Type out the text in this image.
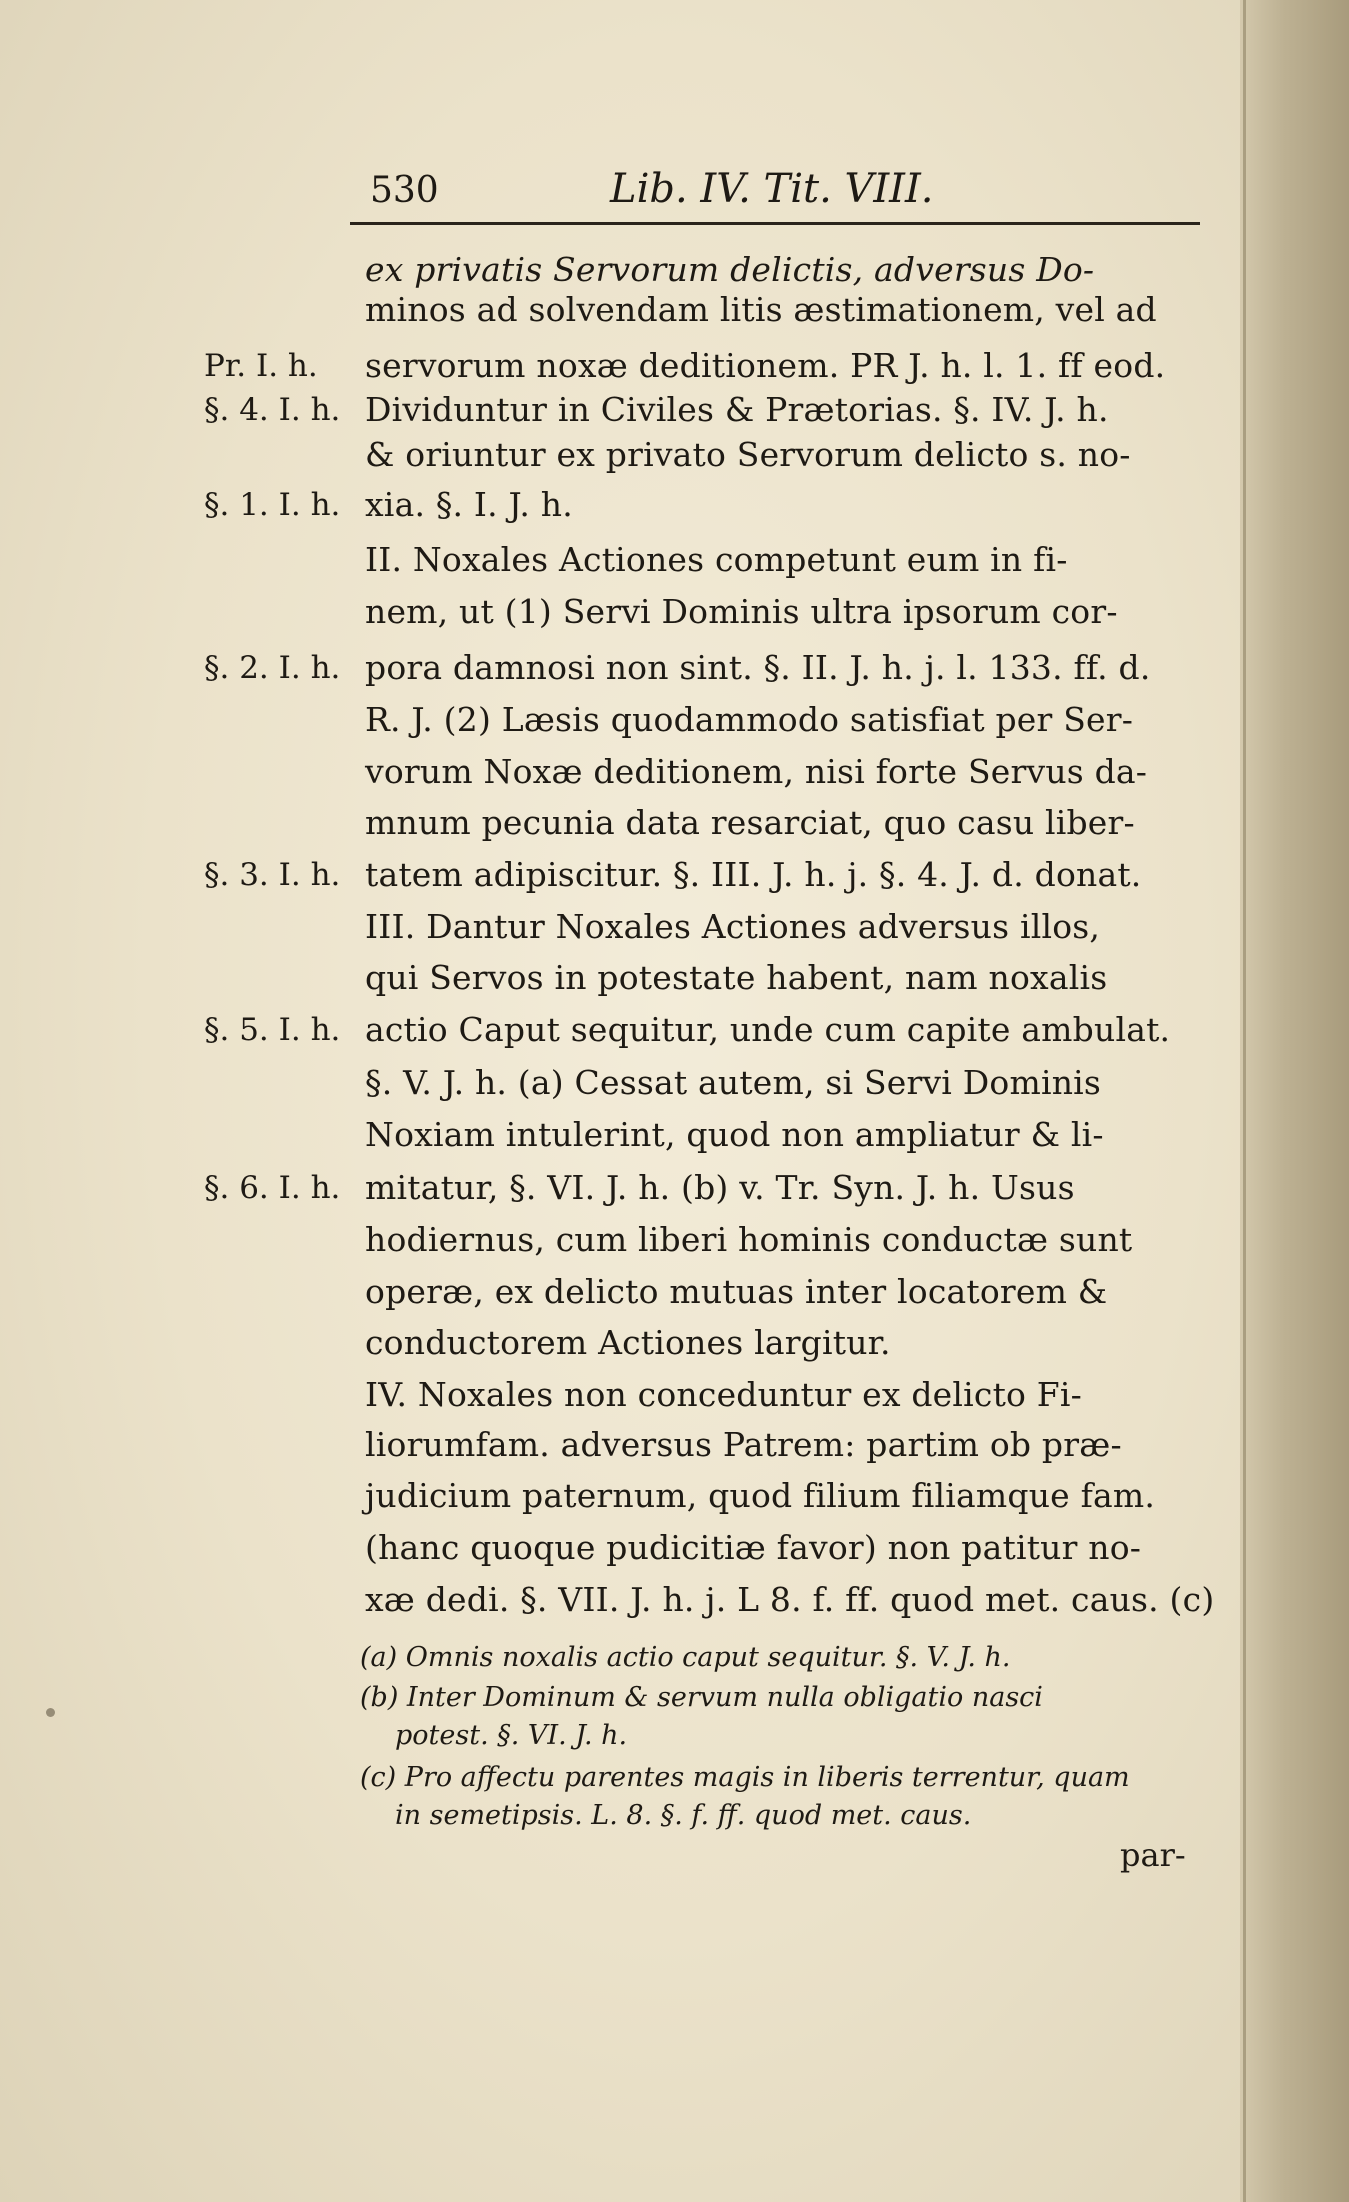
530	Lib. IV. Tit. VIII.
ex privatis Servorum delictis, adversus Do-
minos ad solvendam litis æstimationem, vel ad
servorum noxæ deditionem. PR J. h. l. 1. ff eod.
Dividuntur in Civiles & Prætorias. §. IV. J. h.
& oriuntur ex privato Servorum delicto s. no-
xia. §. I. J. h.
II. Noxales Actiones competunt eum in fi-
nem, ut (1) Servi Dominis ultra ipsorum cor-
pora damnosi non sint. §. II. J. h. j. l. 133. ff. d.
R. J. (2) Læsis quodammodo satisfiat per Ser-
vorum Noxæ deditionem, nisi forte Servus da-
mnum pecunia data resarciat, quo casu liber-
tatem adipiscitur. §. III. J. h. j. §. 4. J. d. donat.
III. Dantur Noxales Actiones adversus illos,
qui Servos in potestate habent, nam noxalis
actio Caput sequitur, unde cum capite ambulat.
§. V. J. h. (a) Cessat autem, si Servi Dominis
Noxiam intulerint, quod non ampliatur & li-
mitatur, §. VI. J. h. (b) v. Tr. Syn. J. h. Usus
hodiernus, cum liberi hominis conductæ sunt
operæ, ex delicto mutuas inter locatorem &
conductorem Actiones largitur.
IV. Noxales non conceduntur ex delicto Fi-
liorumfam. adversus Patrem: partim ob præ-
judicium paternum, quod filium filiamque fam.
(hanc quoque pudicitiæ favor) non patitur no-
xæ dedi. §. VII. J. h. j. L 8. f. ff. quod met. caus. (c)
Pr. I. h.
§. 4. I. h.
§. 1. I. h.
§. 2. I. h.
§. 3. I. h.
§. 5. I. h.
§. 6. I. h.
(a) Omnis noxalis actio caput sequitur. §. V. J. h.
(b) Inter Dominum & servum nulla obligatio nasci
potest. §. VI. J. h.
(c) Pro affectu parentes magis in liberis terrentur, quam
in semetipsis. L. 8. §. f. ff. quod met. caus.
par-
